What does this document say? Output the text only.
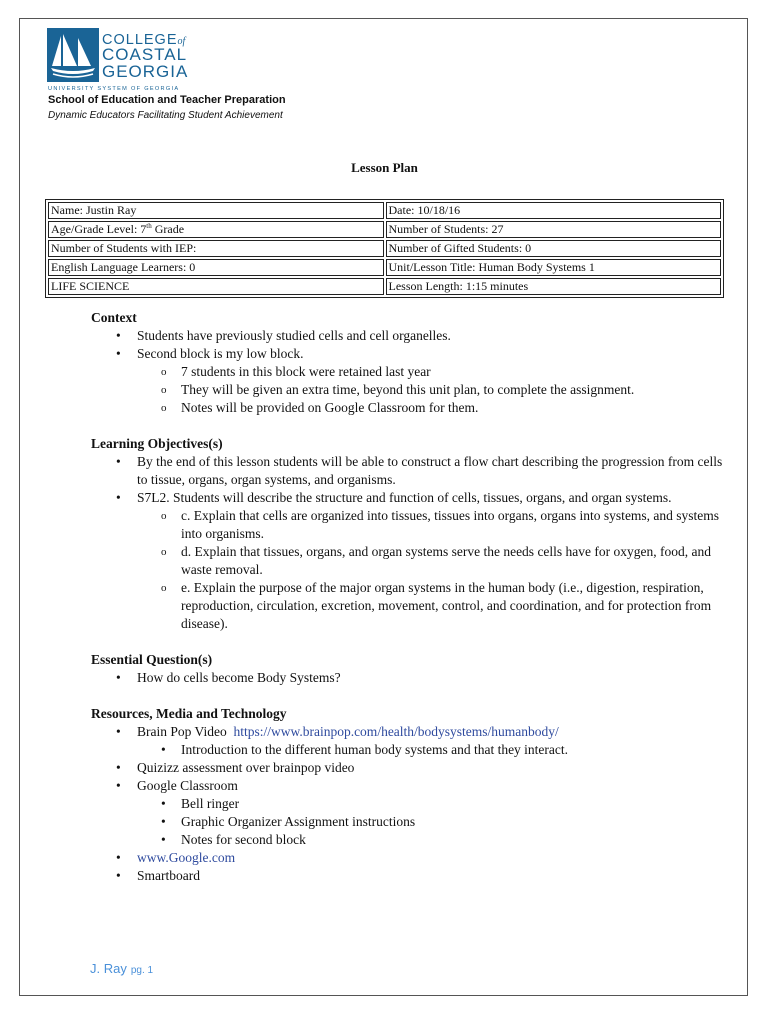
COLLEGEof
COASTAL
GEORGIA
UNIVERSITY SYSTEM OF GEORGIA
School of Education and Teacher Preparation
Dynamic Educators Facilitating Student Achievement
Lesson Plan
Name: Justin Ray	Date: 10/18/16
Age/Grade Level: 7th Grade	Number of Students: 27
Number of Students with IEP:	Number of Gifted Students: 0
English Language Learners: 0	Unit/Lesson Title: Human Body Systems 1
LIFE SCIENCE	Lesson Length: 1:15 minutes

Context

• Students have previously studied cells and cell organelles.
• Second block is my low block.
o 7 students in this block were retained last year
o They will be given an extra time, beyond this unit plan, to complete the assignment.
o Notes will be provided on Google Classroom for them.

Learning Objectives(s)

• By the end of this lesson students will be able to construct a flow chart describing the progression from cells to tissue, organs, organ systems, and organisms.
• S7L2. Students will describe the structure and function of cells, tissues, organs, and organ systems.
o c. Explain that cells are organized into tissues, tissues into organs, organs into systems, and systems into organisms.
o d. Explain that tissues, organs, and organ systems serve the needs cells have for oxygen, food, and waste removal.
o e. Explain the purpose of the major organ systems in the human body (i.e., digestion, respiration, reproduction, circulation, excretion, movement, control, and coordination, and for protection from disease).

Essential Question(s)

• How do cells become Body Systems?

Resources, Media and Technology

• Brain Pop Video https://www.brainpop.com/health/bodysystems/humanbody/
• Introduction to the different human body systems and that they interact.
• Quizizz assessment over brainpop video
• Google Classroom
• Bell ringer
• Graphic Organizer Assignment instructions
• Notes for second block
• www.Google.com
• Smartboard
J. Ray pg. 1
